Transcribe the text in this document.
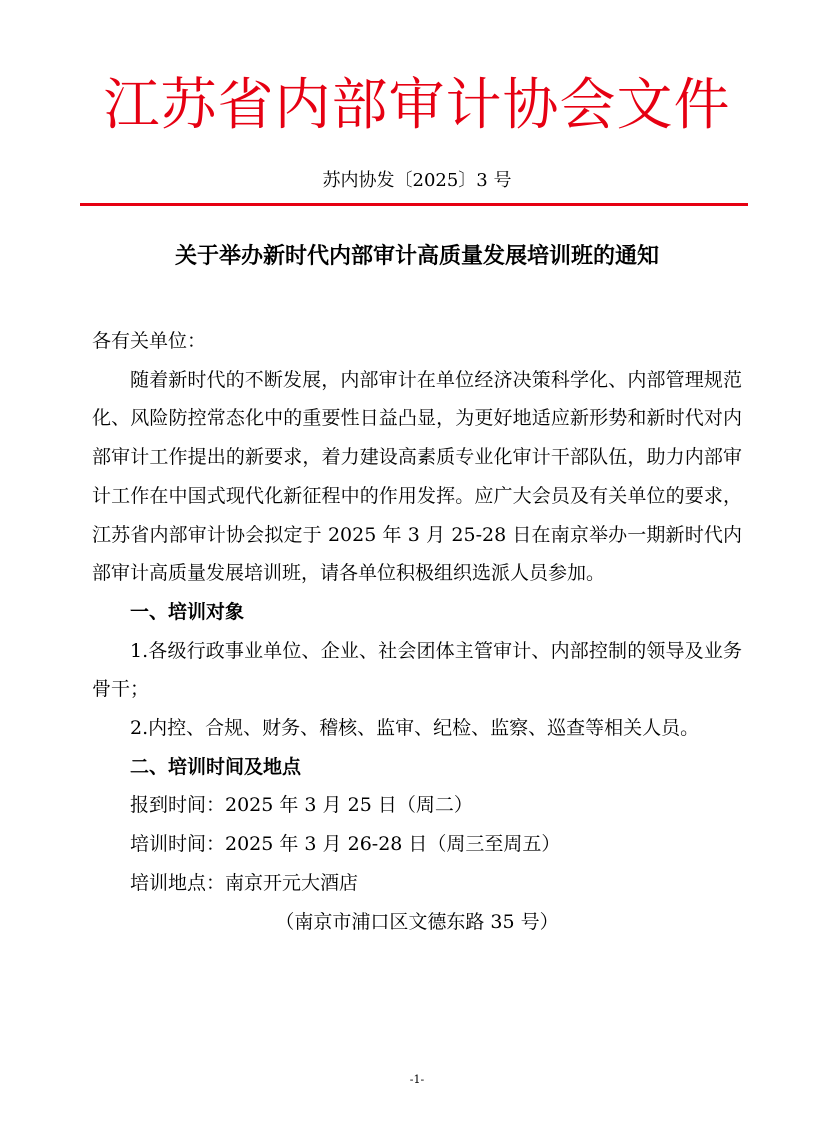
江苏省内部审计协会文件
苏内协发〔2025〕3 号
关于举办新时代内部审计高质量发展培训班的通知

各有关单位：

随着新时代的不断发展，内部审计在单位经济决策科学化、内部管理规范化、风险防控常态化中的重要性日益凸显，为更好地适应新形势和新时代对内部审计工作提出的新要求，着力建设高素质专业化审计干部队伍，助力内部审计工作在中国式现代化新征程中的作用发挥。应广大会员及有关单位的要求，江苏省内部审计协会拟定于 2025 年 3 月 25-28 日在南京举办一期新时代内部审计高质量发展培训班，请各单位积极组织选派人员参加。

一、培训对象

1.各级行政事业单位、企业、社会团体主管审计、内部控制的领导及业务骨干；

2.内控、合规、财务、稽核、监审、纪检、监察、巡查等相关人员。

二、培训时间及地点

报到时间：2025 年 3 月 25 日（周二）

培训时间：2025 年 3 月 26-28 日（周三至周五）

培训地点：南京开元大酒店

（南京市浦口区文德东路 35 号）

-1-
